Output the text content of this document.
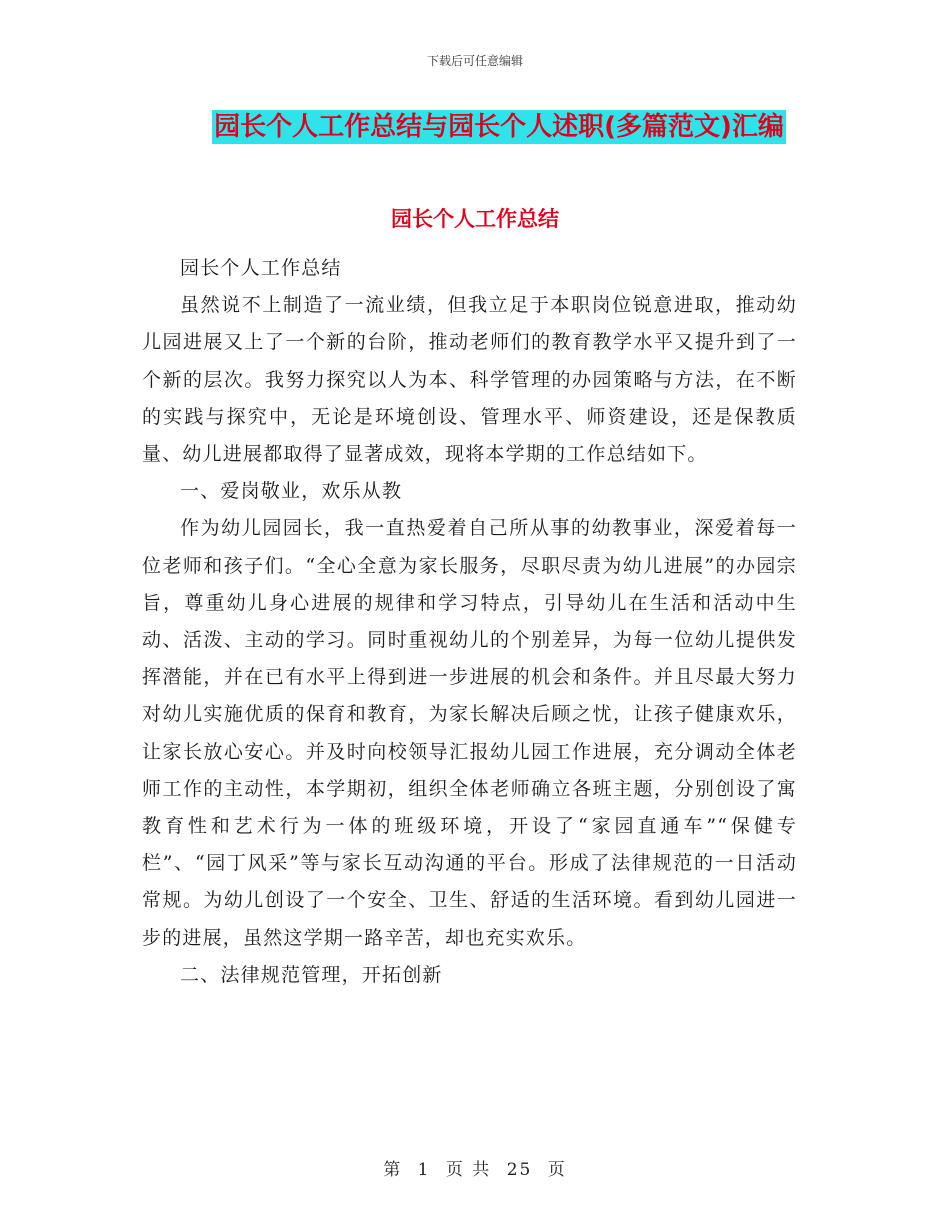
下载后可任意编辑
园长个人工作总结与园长个人述职(多篇范文)汇编
园长个人工作总结

园长个人工作总结

虽然说不上制造了一流业绩，但我立足于本职岗位锐意进取，推动幼儿园进展又上了一个新的台阶，推动老师们的教育教学水平又提升到了一个新的层次。我努力探究以人为本、科学管理的办园策略与方法，在不断的实践与探究中，无论是环境创设、管理水平、师资建设，还是保教质量、幼儿进展都取得了显著成效，现将本学期的工作总结如下。

一、爱岗敬业，欢乐从教

作为幼儿园园长，我一直热爱着自己所从事的幼教事业，深爱着每一位老师和孩子们。“全心全意为家长服务，尽职尽责为幼儿进展”的办园宗旨，尊重幼儿身心进展的规律和学习特点，引导幼儿在生活和活动中生动、活泼、主动的学习。同时重视幼儿的个别差异，为每一位幼儿提供发挥潜能，并在已有水平上得到进一步进展的机会和条件。并且尽最大努力对幼儿实施优质的保育和教育，为家长解决后顾之忧，让孩子健康欢乐，让家长放心安心。并及时向校领导汇报幼儿园工作进展，充分调动全体老师工作的主动性，本学期初，组织全体老师确立各班主题，分别创设了寓教育性和艺术行为一体的班级环境，开设了“家园直通车”“保健专栏”、“园丁风采”等与家长互动沟通的平台。形成了法律规范的一日活动常规。为幼儿创设了一个安全、卫生、舒适的生活环境。看到幼儿园进一步的进展，虽然这学期一路辛苦，却也充实欢乐。

二、法律规范管理，开拓创新

第 1 页 共 25 页
